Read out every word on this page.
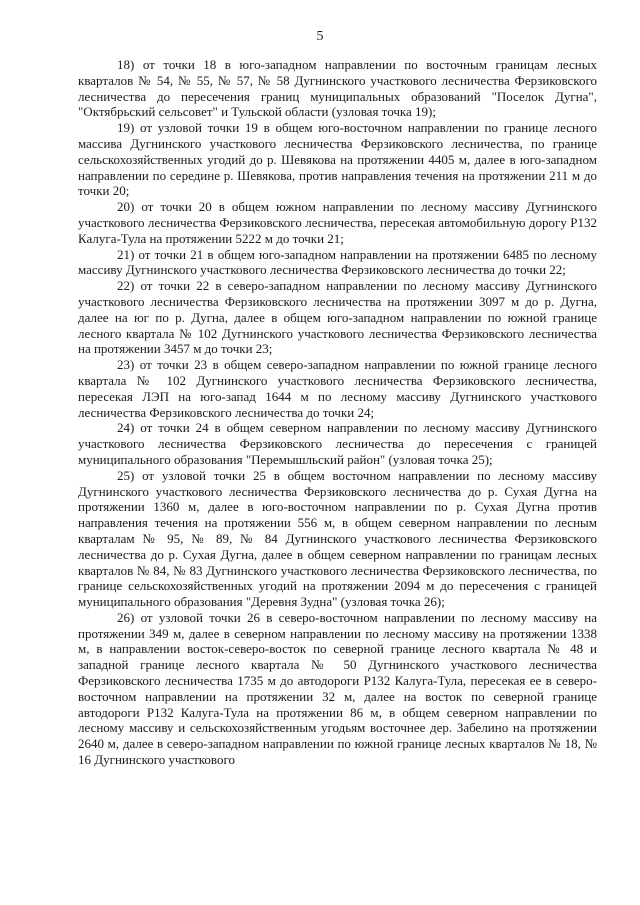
5

18) от точки 18 в юго-западном направлении по восточным границам лесных кварталов № 54, № 55, № 57, № 58 Дугнинского участкового лесничества Ферзиковского лесничества до пересечения границ муниципальных образований "Поселок Дугна", "Октябрьский сельсовет" и Тульской области (узловая точка 19);

19) от узловой точки 19 в общем юго-восточном направлении по границе лесного массива Дугнинского участкового лесничества Ферзиковского лесничества, по границе сельскохозяйственных угодий до р. Шевякова на протяжении 4405 м, далее в юго-западном направлении по середине р. Шевякова, против направления течения на протяжении 211 м до точки 20;

20) от точки 20 в общем южном направлении по лесному массиву Дугнинского участкового лесничества Ферзиковского лесничества, пересекая автомобильную дорогу Р132 Калуга-Тула на протяжении 5222 м до точки 21;

21) от точки 21 в общем юго-западном направлении на протяжении 6485 по лесному массиву Дугнинского участкового лесничества Ферзиковского лесничества до точки 22;

22) от точки 22 в северо-западном направлении по лесному массиву Дугнинского участкового лесничества Ферзиковского лесничества на протяжении 3097 м до р. Дугна, далее на юг по р. Дугна, далее в общем юго-западном направлении по южной границе лесного квартала № 102 Дугнинского участкового лесничества Ферзиковского лесничества на протяжении 3457 м до точки 23;

23) от точки 23 в общем северо-западном направлении по южной границе лесного квартала № 102 Дугнинского участкового лесничества Ферзиковского лесничества, пересекая ЛЭП на юго-запад 1644 м по лесному массиву Дугнинского участкового лесничества Ферзиковского лесничества до точки 24;

24) от точки 24 в общем северном направлении по лесному массиву Дугнинского участкового лесничества Ферзиковского лесничества до пересечения с границей муниципального образования "Перемышльский район" (узловая точка 25);

25) от узловой точки 25 в общем восточном направлении по лесному массиву Дугнинского участкового лесничества Ферзиковского лесничества до р. Сухая Дугна на протяжении 1360 м, далее в юго-восточном направлении по р. Сухая Дугна против направления течения на протяжении 556 м, в общем северном направлении по лесным кварталам № 95, № 89, № 84 Дугнинского участкового лесничества Ферзиковского лесничества до р. Сухая Дугна, далее в общем северном направлении по границам лесных кварталов № 84, № 83 Дугнинского участкового лесничества Ферзиковского лесничества, по границе сельскохозяйственных угодий на протяжении 2094 м до пересечения с границей муниципального образования "Деревня Зудна" (узловая точка 26);

26) от узловой точки 26 в северо-восточном направлении по лесному массиву на протяжении 349 м, далее в северном направлении по лесному массиву на протяжении 1338 м, в направлении восток-северо-восток по северной границе лесного квартала № 48 и западной границе лесного квартала № 50 Дугнинского участкового лесничества Ферзиковского лесничества 1735 м до автодороги Р132 Калуга-Тула, пересекая ее в северо-восточном направлении на протяжении 32 м, далее на восток по северной границе автодороги Р132 Калуга-Тула на протяжении 86 м, в общем северном направлении по лесному массиву и сельскохозяйственным угодьям восточнее дер. Забелино на протяжении 2640 м, далее в северо-западном направлении по южной границе лесных кварталов № 18, № 16 Дугнинского участкового
